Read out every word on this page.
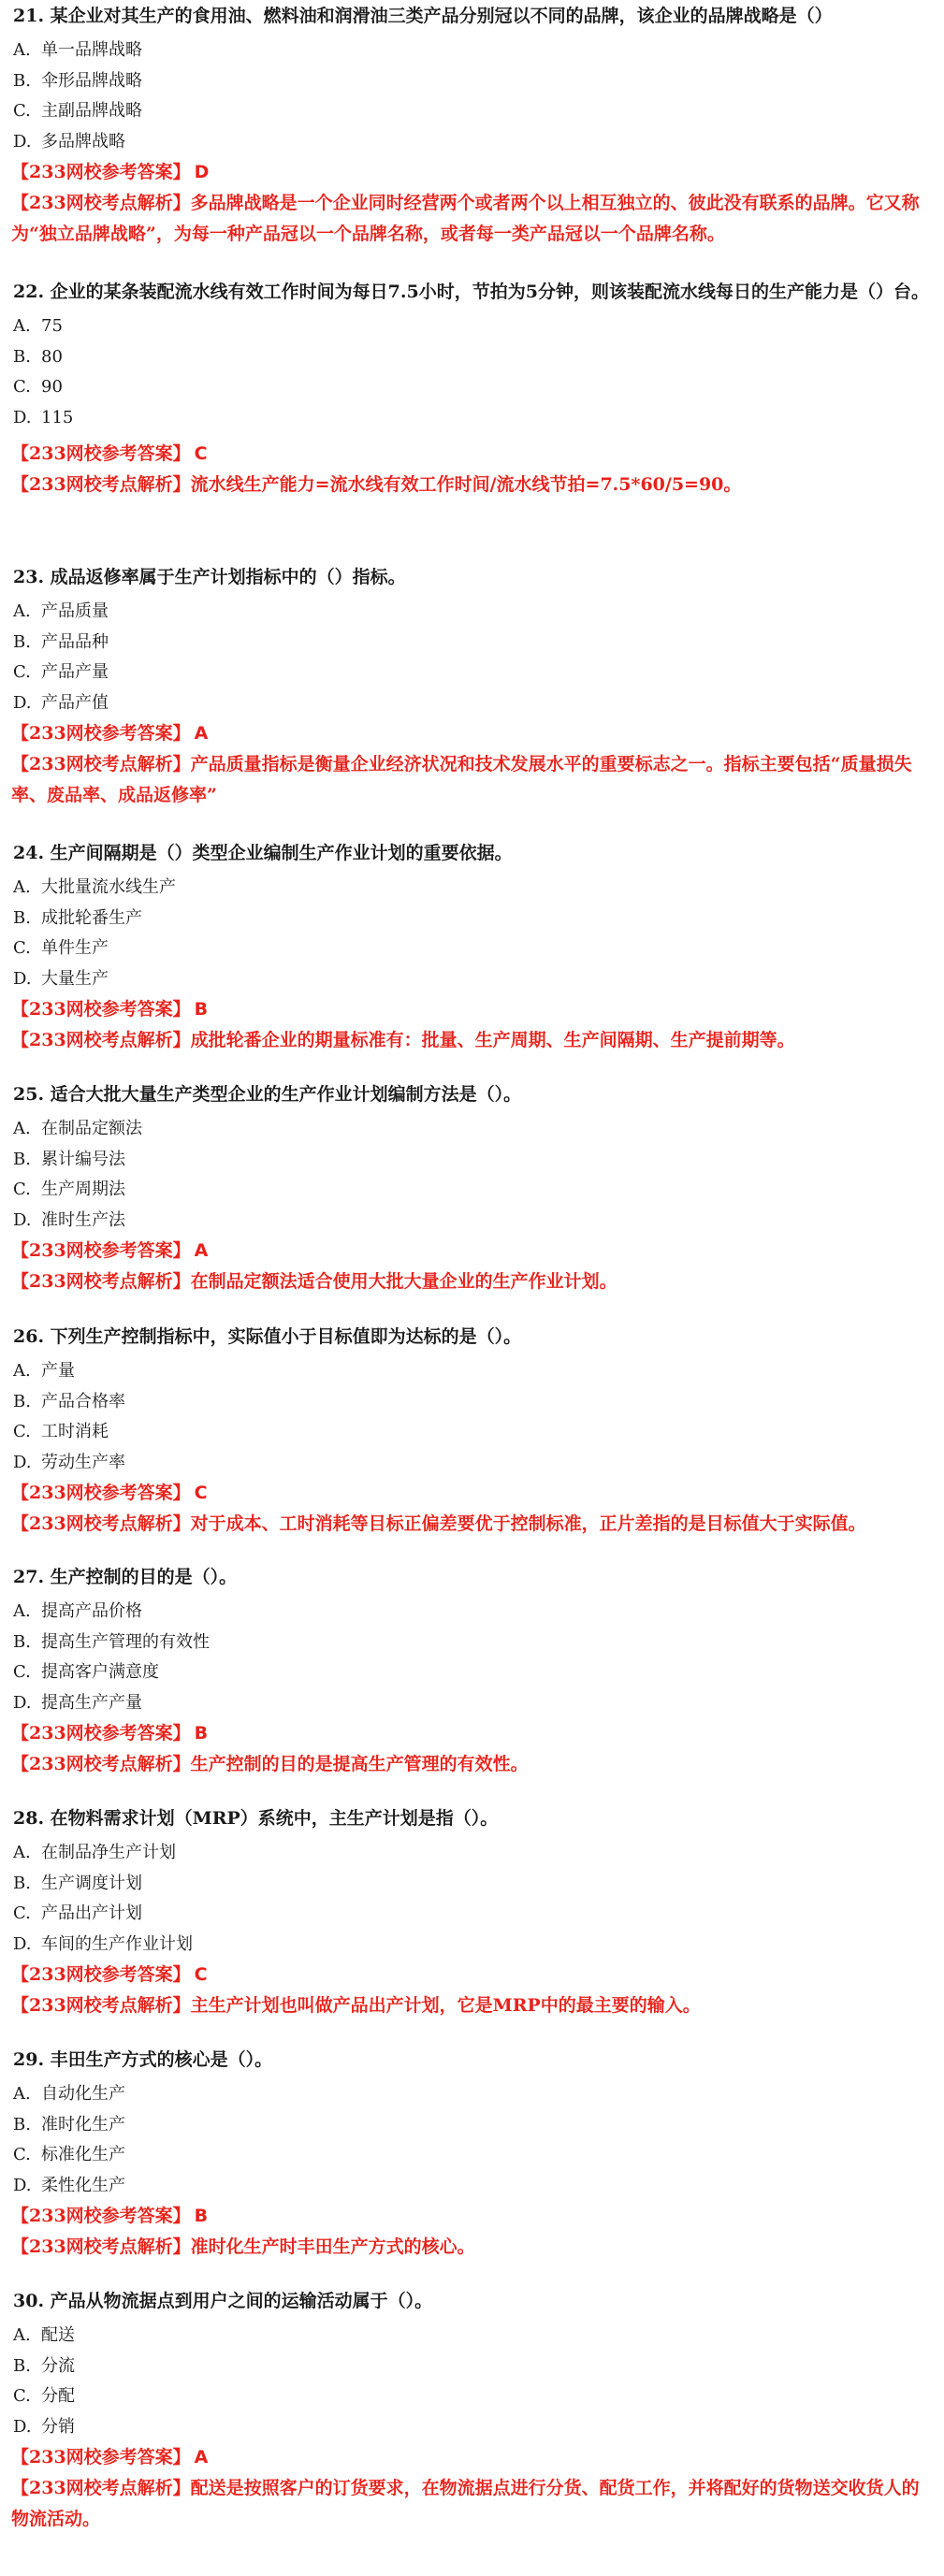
21. 某企业对其生产的食用油、燃料油和润滑油三类产品分别冠以不同的品牌，该企业的品牌战略是（）
A. 单一品牌战略
B. 伞形品牌战略
C. 主副品牌战略
D. 多品牌战略
【233网校参考答案】 D
【233网校考点解析】多品牌战略是一个企业同时经营两个或者两个以上相互独立的、彼此没有联系的品牌。它又称为“独立品牌战略”，为每一种产品冠以一个品牌名称，或者每一类产品冠以一个品牌名称。
22. 企业的某条装配流水线有效工作时间为每日7.5小时，节拍为5分钟，则该装配流水线每日的生产能力是（）台。
A. 75
B. 80
C. 90
D. 115
【233网校参考答案】 C
【233网校考点解析】流水线生产能力=流水线有效工作时间/流水线节拍=7.5*60/5=90。
23. 成品返修率属于生产计划指标中的（）指标。
A. 产品质量
B. 产品品种
C. 产品产量
D. 产品产值
【233网校参考答案】 A
【233网校考点解析】产品质量指标是衡量企业经济状况和技术发展水平的重要标志之一。指标主要包括“质量损失率、废品率、成品返修率”
24. 生产间隔期是（）类型企业编制生产作业计划的重要依据。
A. 大批量流水线生产
B. 成批轮番生产
C. 单件生产
D. 大量生产
【233网校参考答案】 B
【233网校考点解析】成批轮番企业的期量标准有：批量、生产周期、生产间隔期、生产提前期等。
25. 适合大批大量生产类型企业的生产作业计划编制方法是（）。
A. 在制品定额法
B. 累计编号法
C. 生产周期法
D. 准时生产法
【233网校参考答案】 A
【233网校考点解析】在制品定额法适合使用大批大量企业的生产作业计划。
26. 下列生产控制指标中，实际值小于目标值即为达标的是（）。
A. 产量
B. 产品合格率
C. 工时消耗
D. 劳动生产率
【233网校参考答案】 C
【233网校考点解析】对于成本、工时消耗等目标正偏差要优于控制标准，正片差指的是目标值大于实际值。
27. 生产控制的目的是（）。
A. 提高产品价格
B. 提高生产管理的有效性
C. 提高客户满意度
D. 提高生产产量
【233网校参考答案】 B
【233网校考点解析】生产控制的目的是提高生产管理的有效性。
28. 在物料需求计划（MRP）系统中，主生产计划是指（）。
A. 在制品净生产计划
B. 生产调度计划
C. 产品出产计划
D. 车间的生产作业计划
【233网校参考答案】 C
【233网校考点解析】主生产计划也叫做产品出产计划，它是MRP中的最主要的输入。
29. 丰田生产方式的核心是（）。
A. 自动化生产
B. 准时化生产
C. 标准化生产
D. 柔性化生产
【233网校参考答案】 B
【233网校考点解析】准时化生产时丰田生产方式的核心。
30. 产品从物流据点到用户之间的运输活动属于（）。
A. 配送
B. 分流
C. 分配
D. 分销
【233网校参考答案】 A
【233网校考点解析】配送是按照客户的订货要求，在物流据点进行分货、配货工作，并将配好的货物送交收货人的物流活动。
